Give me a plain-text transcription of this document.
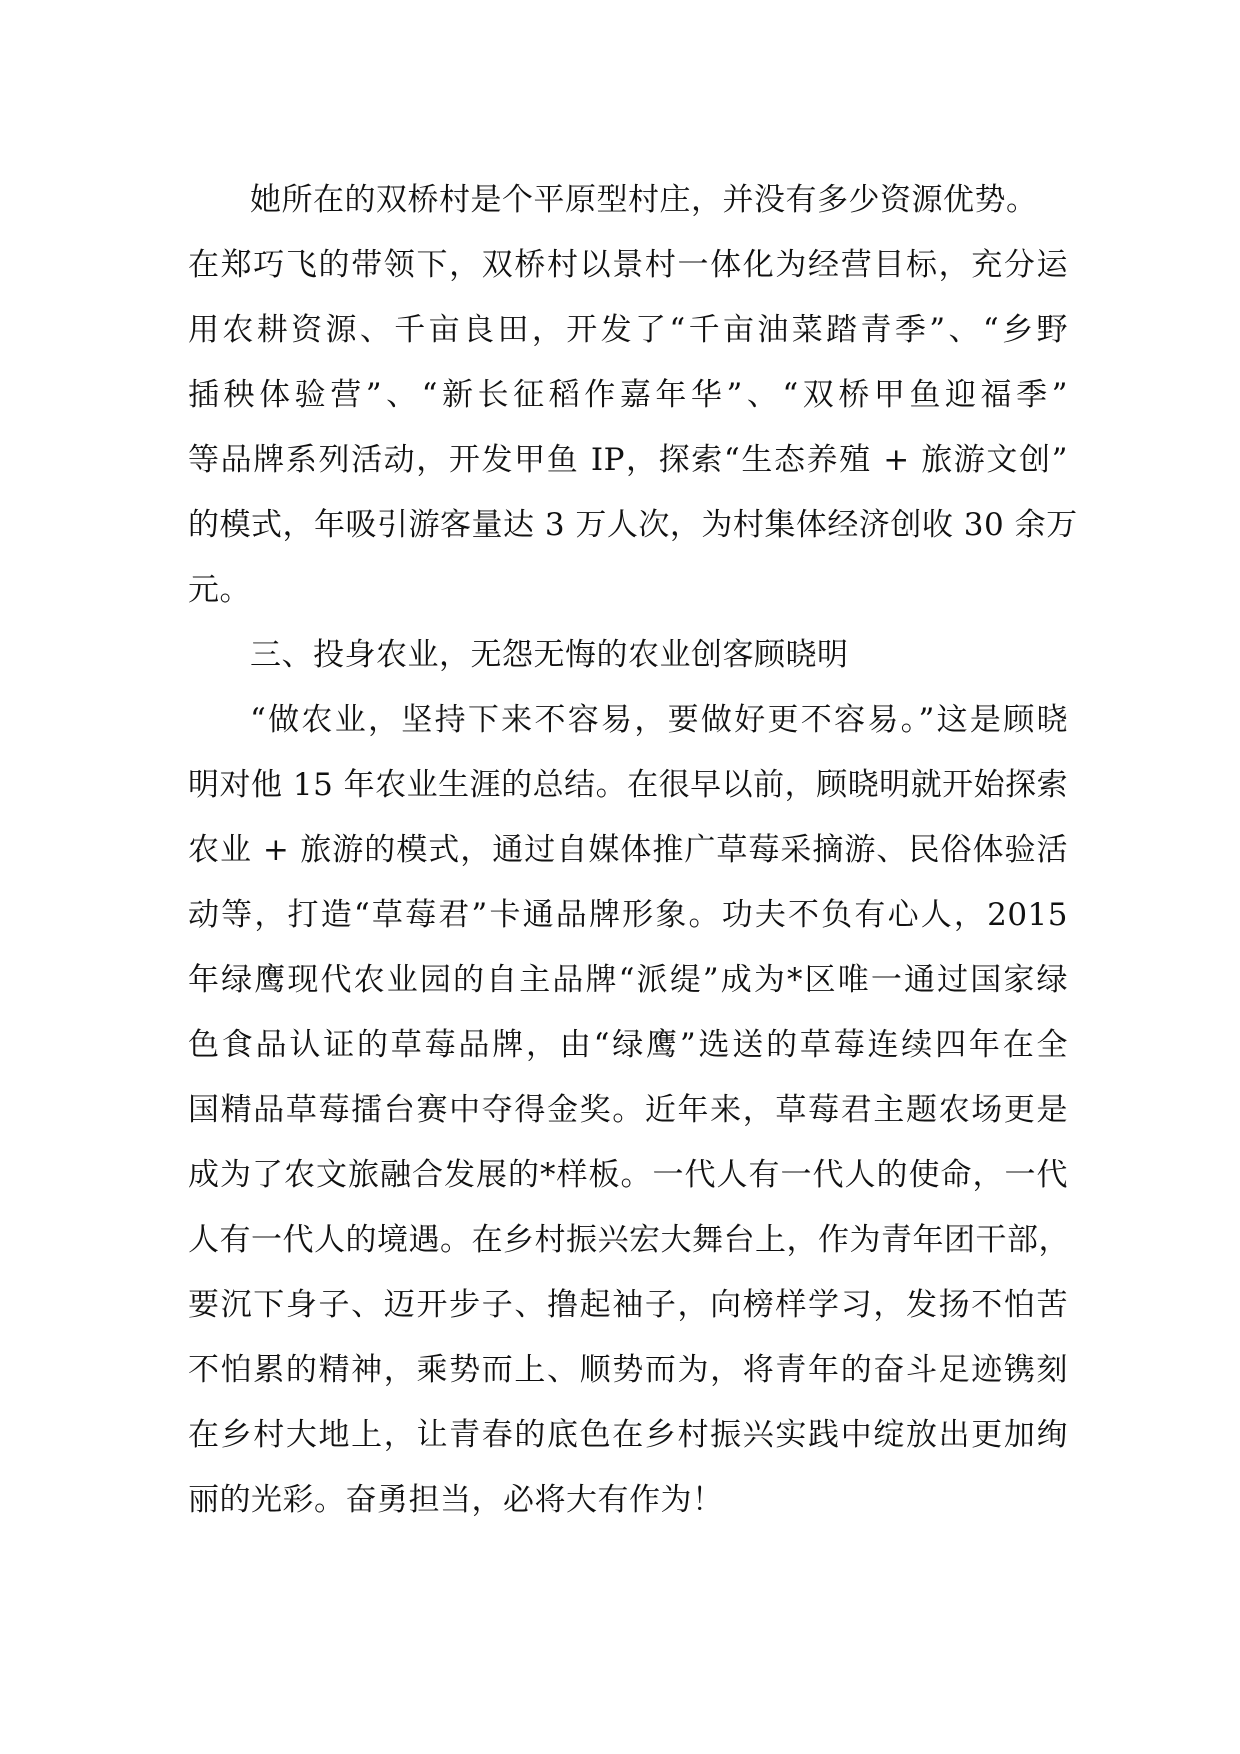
她所在的双桥村是个平原型村庄，并没有多少资源优势。
在郑巧飞的带领下，双桥村以景村一体化为经营目标，充分运
用农耕资源、千亩良田，开发了“千亩油菜踏青季”、“乡野
插秧体验营”、“新长征稻作嘉年华”、“双桥甲鱼迎福季”
等品牌系列活动，开发甲鱼 IP，探索“生态养殖 + 旅游文创”
的模式，年吸引游客量达 3 万人次，为村集体经济创收 30 余万
元。
三、投身农业，无怨无悔的农业创客顾晓明
“做农业，坚持下来不容易，要做好更不容易。”这是顾晓
明对他 15 年农业生涯的总结。在很早以前，顾晓明就开始探索
农业 + 旅游的模式，通过自媒体推广草莓采摘游、民俗体验活
动等，打造“草莓君”卡通品牌形象。功夫不负有心人，2015
年绿鹰现代农业园的自主品牌“派缇”成为*区唯一通过国家绿
色食品认证的草莓品牌，由“绿鹰”选送的草莓连续四年在全
国精品草莓擂台赛中夺得金奖。近年来，草莓君主题农场更是
成为了农文旅融合发展的*样板。一代人有一代人的使命，一代
人有一代人的境遇。在乡村振兴宏大舞台上，作为青年团干部，
要沉下身子、迈开步子、撸起袖子，向榜样学习，发扬不怕苦
不怕累的精神，乘势而上、顺势而为，将青年的奋斗足迹镌刻
在乡村大地上，让青春的底色在乡村振兴实践中绽放出更加绚
丽的光彩。奋勇担当，必将大有作为！
